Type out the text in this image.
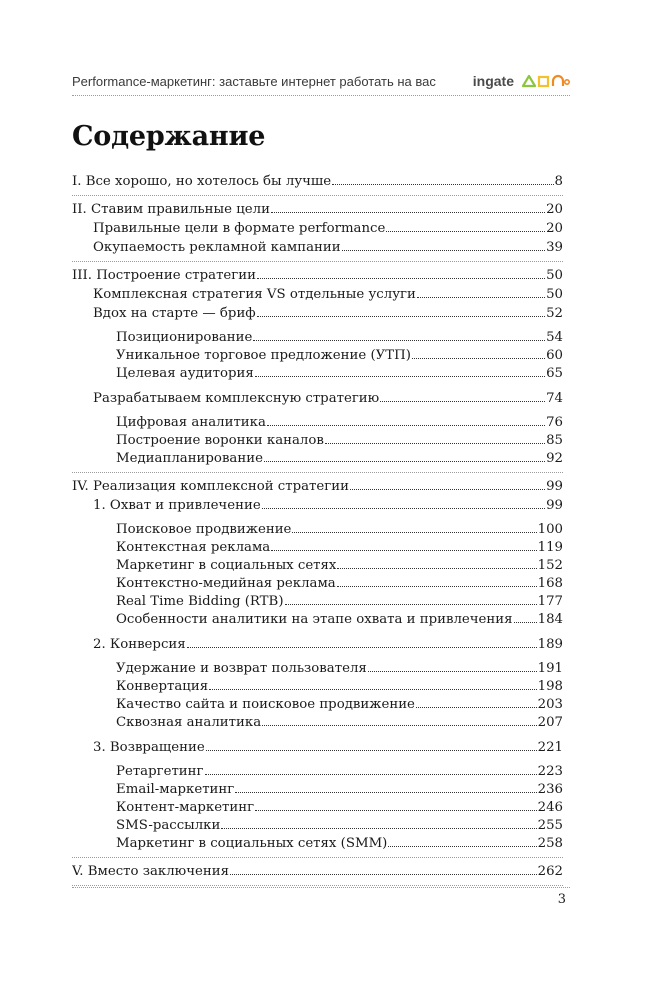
Performance-маркетинг: заставьте интернет работать на вас	ingate
Содержание
I. Все хорошо, но хотелось бы лучше	8
II. Ставим правильные цели	20
Правильные цели в формате performance	20
Окупаемость рекламной кампании	39
III. Построение стратегии	50
Комплексная стратегия VS отдельные услуги	50
Вдох на старте — бриф	52
Позиционирование	54
Уникальное торговое предложение (УТП)	60
Целевая аудитория	65
Разрабатываем комплексную стратегию	74
Цифровая аналитика	76
Построение воронки каналов	85
Медиапланирование	92
IV. Реализация комплексной стратегии	99
1. Охват и привлечение	99
Поисковое продвижение	100
Контекстная реклама	119
Маркетинг в социальных сетях	152
Контекстно-медийная реклама	168
Real Time Bidding (RTB)	177
Особенности аналитики на этапе охвата и привлечения 184
2. Конверсия	189
Удержание и возврат пользователя	191
Конвертация	198
Качество сайта и поисковое продвижение	203
Сквозная аналитика	207
3. Возвращение	221
Ретаргетинг	223
Email-маркетинг	236
Контент-маркетинг	246
SMS-рассылки	255
Маркетинг в социальных сетях (SMM)	258
V. Вместо заключения	262
3
